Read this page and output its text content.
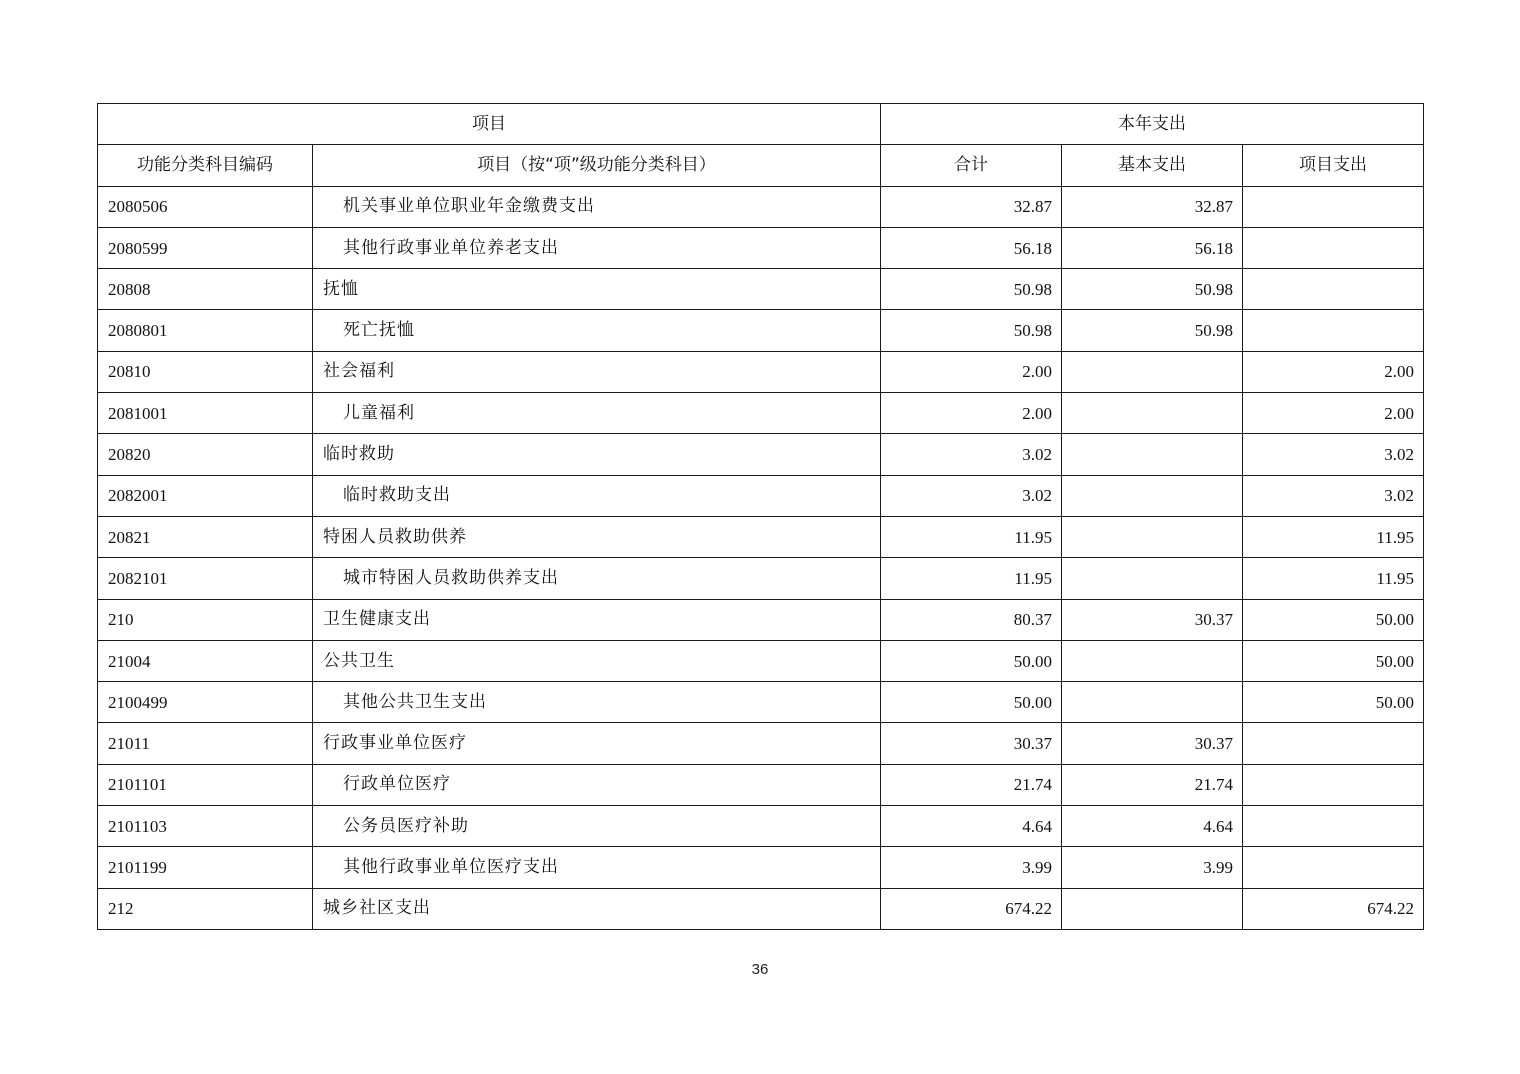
项目		本年支出		
功能分类科目编码	项目（按“项”级功能分类科目）	合计	基本支出	项目支出
2080506	机关事业单位职业年金缴费支出	32.87	32.87	
2080599	其他行政事业单位养老支出	56.18	56.18	
20808	抚恤	50.98	50.98	
2080801	死亡抚恤	50.98	50.98	
20810	社会福利	2.00		2.00
2081001	儿童福利	2.00		2.00
20820	临时救助	3.02		3.02
2082001	临时救助支出	3.02		3.02
20821	特困人员救助供养	11.95		11.95
2082101	城市特困人员救助供养支出	11.95		11.95
210	卫生健康支出	80.37	30.37	50.00
21004	公共卫生	50.00		50.00
2100499	其他公共卫生支出	50.00		50.00
21011	行政事业单位医疗	30.37	30.37	
2101101	行政单位医疗	21.74	21.74	
2101103	公务员医疗补助	4.64	4.64	
2101199	其他行政事业单位医疗支出	3.99	3.99	
212	城乡社区支出	674.22		674.22
36
